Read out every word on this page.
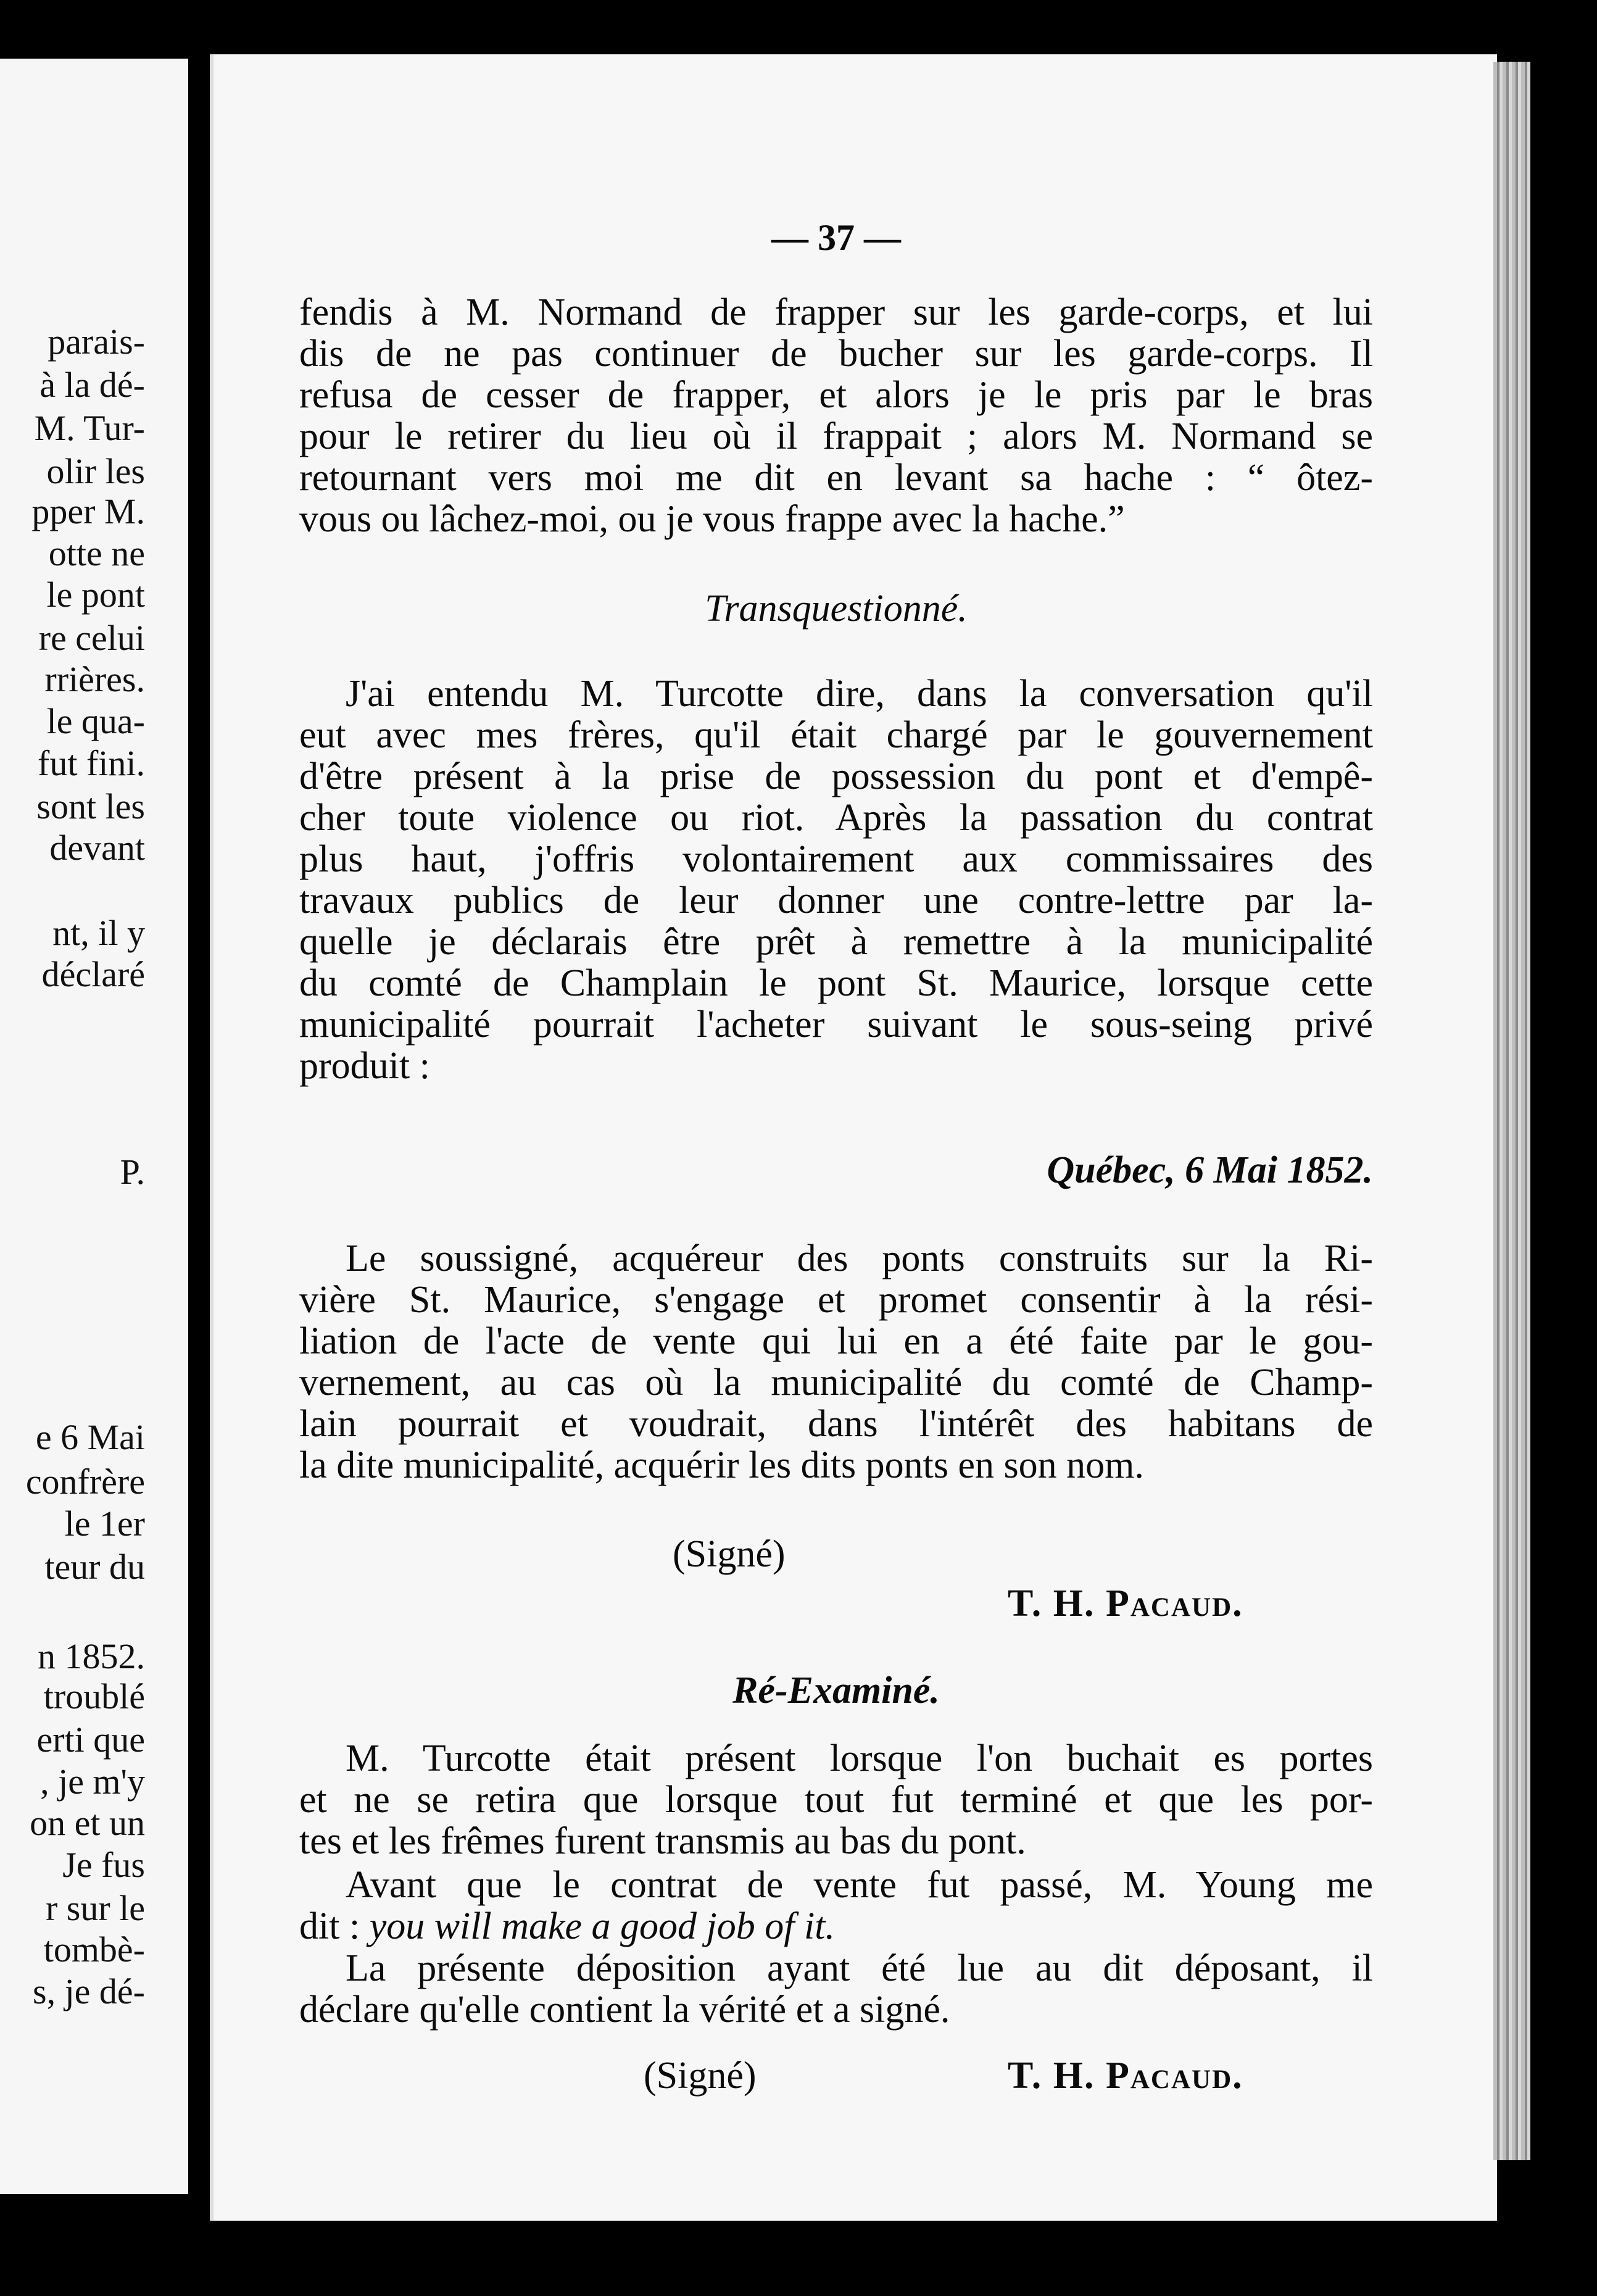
parais-
à la dé-
M. Tur-
olir les
pper M.
otte ne
le pont
re celui
rrières.
le qua-
fut fini.
sont les
devant
nt, il y
déclaré
P.
e 6 Mai
confrère
le 1er
teur du
n 1852.
troublé
erti que
, je m'y
on et un
Je fus
r sur le
tombè-
s, je dé-
— 37 —
fendis à M. Normand de frapper sur les garde-corps, et lui
dis de ne pas continuer de bucher sur les garde-corps. Il
refusa de cesser de frapper, et alors je le pris par le bras
pour le retirer du lieu où il frappait ; alors M. Normand se
retournant vers moi me dit en levant sa hache : “ ôtez-
vous ou lâchez-moi, ou je vous frappe avec la hache.”
Transquestionné.
J'ai entendu M. Turcotte dire, dans la conversation qu'il
eut avec mes frères, qu'il était chargé par le gouvernement
d'être présent à la prise de possession du pont et d'empê-
cher toute violence ou riot. Après la passation du contrat
plus haut, j'offris volontairement aux commissaires des
travaux publics de leur donner une contre-lettre par la-
quelle je déclarais être prêt à remettre à la municipalité
du comté de Champlain le pont St. Maurice, lorsque cette
municipalité pourrait l'acheter suivant le sous-seing privé
produit :
Québec, 6 Mai 1852.
Le soussigné, acquéreur des ponts construits sur la Ri-
vière St. Maurice, s'engage et promet consentir à la rési-
liation de l'acte de vente qui lui en a été faite par le gou-
vernement, au cas où la municipalité du comté de Champ-
lain pourrait et voudrait, dans l'intérêt des habitans de
la dite municipalité, acquérir les dits ponts en son nom.
(Signé)
T. H. Pacaud.
Ré-Examiné.
M. Turcotte était présent lorsque l'on buchait es portes
et ne se retira que lorsque tout fut terminé et que les por-
tes et les frêmes furent transmis au bas du pont.
Avant que le contrat de vente fut passé, M. Young me
dit : you will make a good job of it.
La présente déposition ayant été lue au dit déposant, il
déclare qu'elle contient la vérité et a signé.
(Signé)	T. H. Pacaud.
